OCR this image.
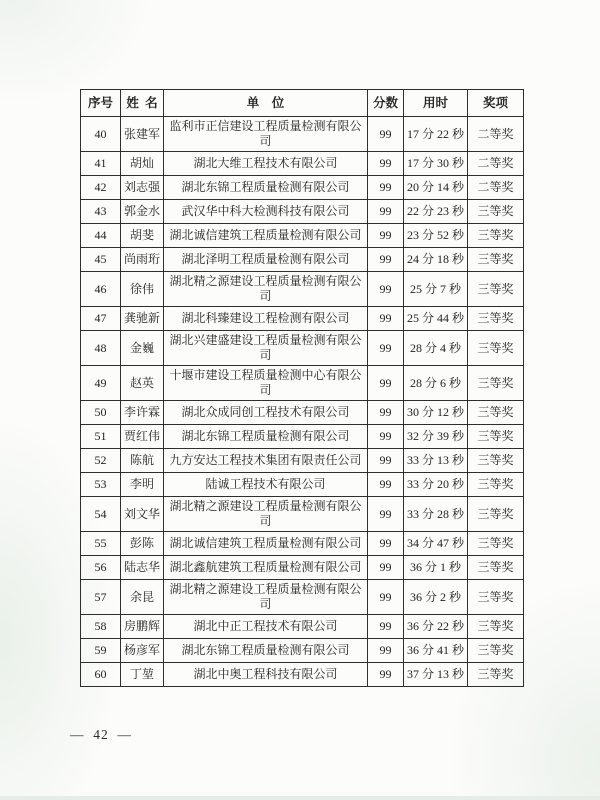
序号	姓  名	单    位	分数	用时	奖项
40	张建军	监利市正信建设工程质量检测有限公司	99	17 分 22 秒	二等奖
41	胡灿	湖北大维工程技术有限公司	99	17 分 30 秒	二等奖
42	刘志强	湖北东锦工程质量检测有限公司	99	20 分 14 秒	二等奖
43	郭金水	武汉华中科大检测科技有限公司	99	22 分 23 秒	三等奖
44	胡斐	湖北诚信建筑工程质量检测有限公司	99	23 分 52 秒	三等奖
45	尚雨珩	湖北泽明工程质量检测有限公司	99	24 分 18 秒	三等奖
46	徐伟	湖北精之源建设工程质量检测有限公司	99	25 分 7 秒	三等奖
47	龚驰新	湖北科臻建设工程检测有限公司	99	25 分 44 秒	三等奖
48	金巍	湖北兴建盛建设工程质量检测有限公司	99	28 分 4 秒	三等奖
49	赵英	十堰市建设工程质量检测中心有限公司	99	28 分 6 秒	三等奖
50	李许霖	湖北众成同创工程技术有限公司	99	30 分 12 秒	三等奖
51	贾红伟	湖北东锦工程质量检测有限公司	99	32 分 39 秒	三等奖
52	陈航	九方安达工程技术集团有限责任公司	99	33 分 13 秒	三等奖
53	李明	陆诚工程技术有限公司	99	33 分 20 秒	三等奖
54	刘文华	湖北精之源建设工程质量检测有限公司	99	33 分 28 秒	三等奖
55	彭陈	湖北诚信建筑工程质量检测有限公司	99	34 分 47 秒	三等奖
56	陆志华	湖北鑫航建筑工程质量检测有限公司	99	36 分 1 秒	三等奖
57	余昆	湖北精之源建设工程质量检测有限公司	99	36 分 2 秒	三等奖
58	房鹏辉	湖北中正工程技术有限公司	99	36 分 22 秒	三等奖
59	杨彦军	湖北东锦工程质量检测有限公司	99	36 分 41 秒	三等奖
60	丁堃	湖北中奥工程科技有限公司	99	37 分 13 秒	三等奖
—  42  —
